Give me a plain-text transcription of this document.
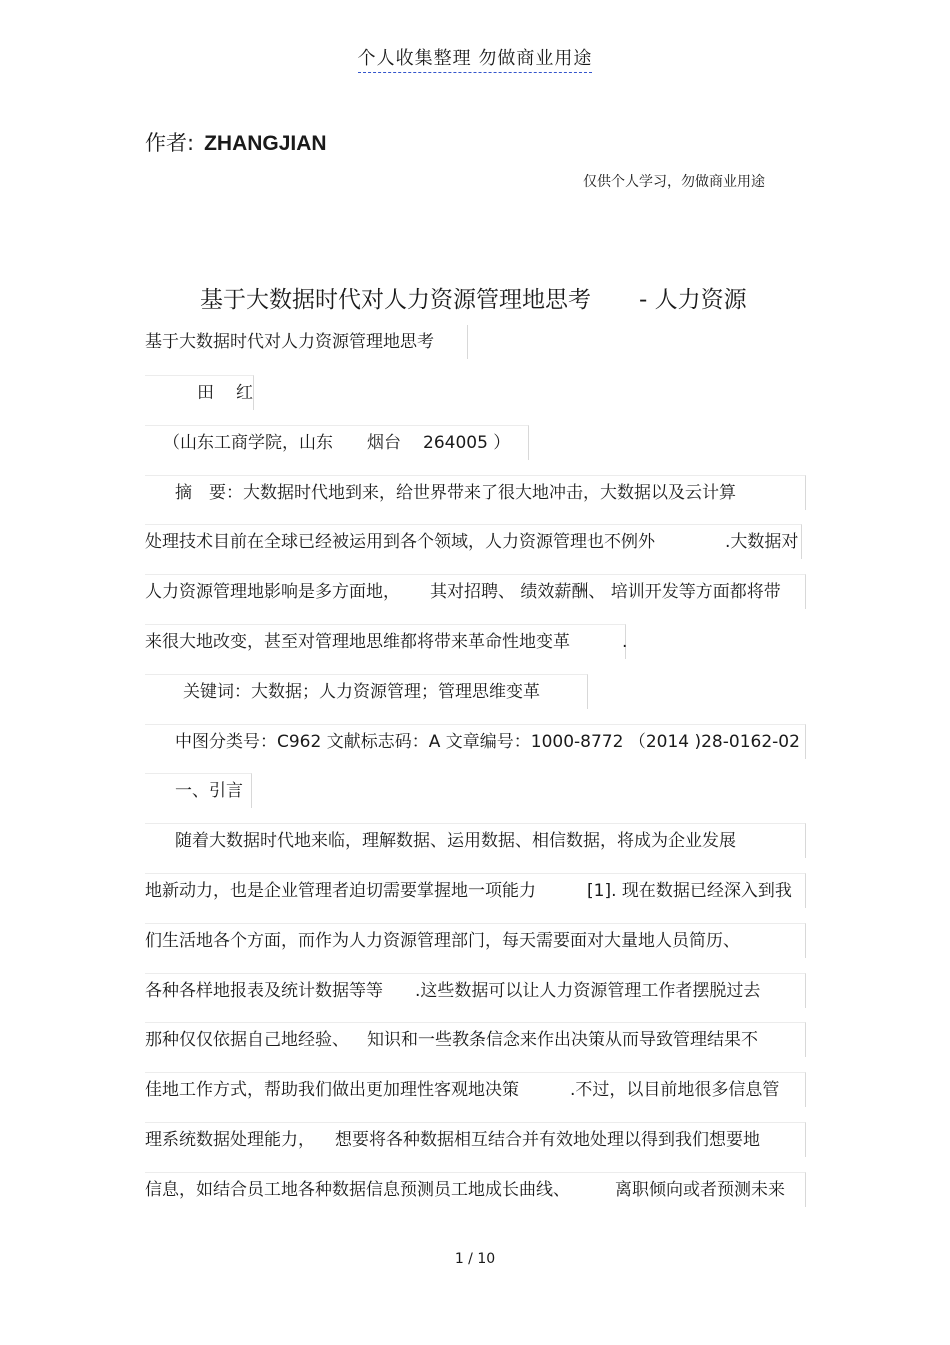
个人收集整理 勿做商业用途
作者: ZHANGJIAN
仅供个人学习，勿做商业用途
基于大数据时代对人力资源管理地思考 - 人力资源
基于大数据时代对人力资源管理地思考
田 红
（山东工商学院，山东 烟台 264005 ）
摘　要：大数据时代地到来，给世界带来了很大地冲击，大数据以及云计算
处理技术目前在全球已经被运用到各个领域，人力资源管理也不例外	.大数据对
人力资源管理地影响是多方面地， 其对招聘、 绩效薪酬、 培训开发等方面都将带
来很大地改变，甚至对管理地思维都将带来革命性地变革	.
关键词：大数据；人力资源管理；管理思维变革
中图分类号：C962 文献标志码：A 文章编号：1000-8772 （2014 )28-0162-02
一、引言
随着大数据时代地来临，理解数据、运用数据、相信数据，将成为企业发展
地新动力，也是企业管理者迫切需要掌握地一项能力	[1]. 现在数据已经深入到我
们生活地各个方面，而作为人力资源管理部门，每天需要面对大量地人员简历、
各种各样地报表及统计数据等等 .这些数据可以让人力资源管理工作者摆脱过去
那种仅仅依据自己地经验、 知识和一些教条信念来作出决策从而导致管理结果不
佳地工作方式，帮助我们做出更加理性客观地决策	.不过，以目前地很多信息管
理系统数据处理能力， 想要将各种数据相互结合并有效地处理以得到我们想要地
信息，如结合员工地各种数据信息预测员工地成长曲线、	离职倾向或者预测未来
1 / 10
